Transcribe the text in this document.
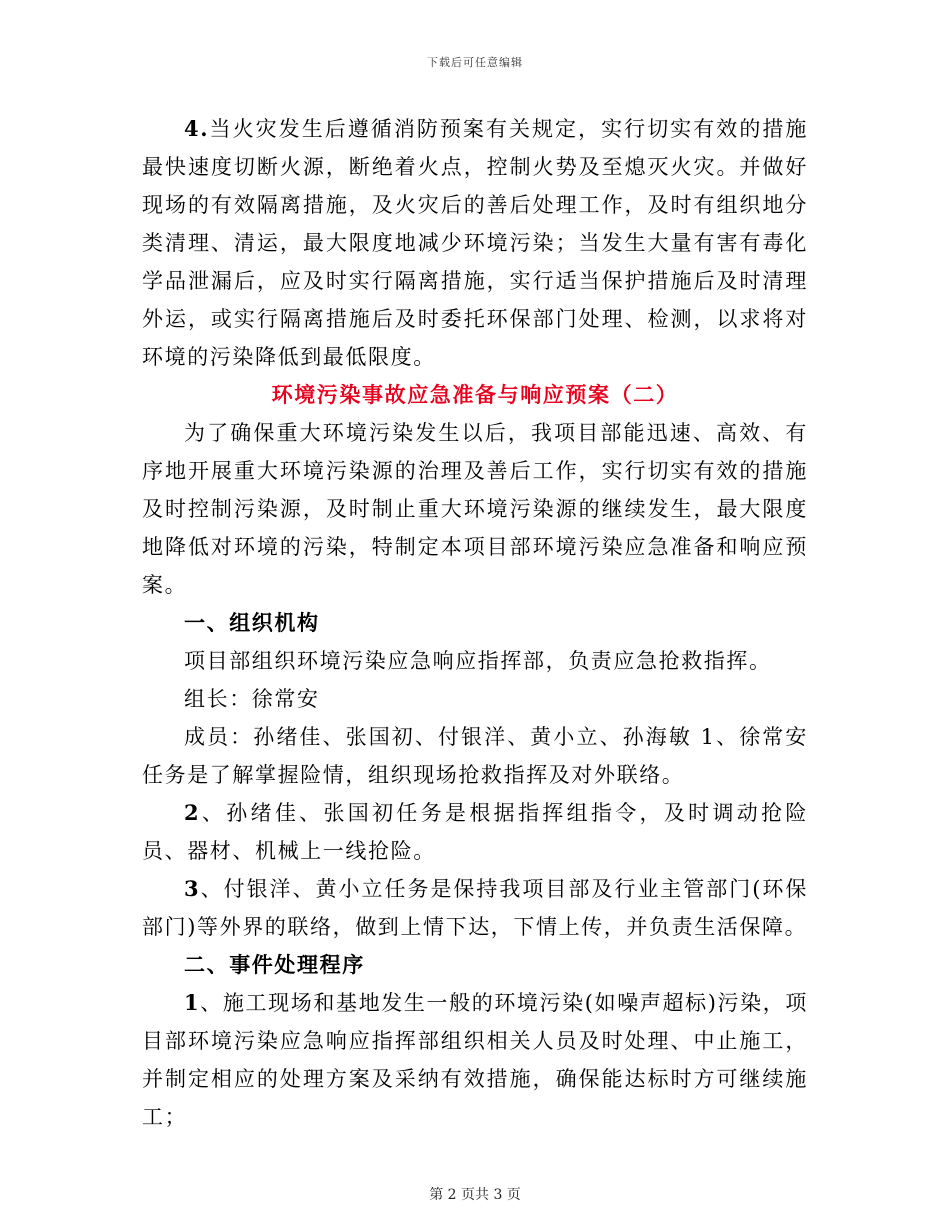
下载后可任意编辑

4.当火灾发生后遵循消防预案有关规定，实行切实有效的措施最快速度切断火源，断绝着火点，控制火势及至熄灭火灾。并做好现场的有效隔离措施，及火灾后的善后处理工作，及时有组织地分类清理、清运，最大限度地减少环境污染；当发生大量有害有毒化学品泄漏后，应及时实行隔离措施，实行适当保护措施后及时清理外运，或实行隔离措施后及时委托环保部门处理、检测，以求将对环境的污染降低到最低限度。

环境污染事故应急准备与响应预案（二）

为了确保重大环境污染发生以后，我项目部能迅速、高效、有序地开展重大环境污染源的治理及善后工作，实行切实有效的措施及时控制污染源，及时制止重大环境污染源的继续发生，最大限度地降低对环境的污染，特制定本项目部环境污染应急准备和响应预案。

一、组织机构

项目部组织环境污染应急响应指挥部，负责应急抢救指挥。

组长：徐常安

成员：孙绪佳、张国初、付银洋、黄小立、孙海敏 1、徐常安任务是了解掌握险情，组织现场抢救指挥及对外联络。

2、孙绪佳、张国初任务是根据指挥组指令，及时调动抢险员、器材、机械上一线抢险。

3、付银洋、黄小立任务是保持我项目部及行业主管部门(环保部门)等外界的联络，做到上情下达，下情上传，并负责生活保障。

二、事件处理程序

1、施工现场和基地发生一般的环境污染(如噪声超标)污染，项目部环境污染应急响应指挥部组织相关人员及时处理、中止施工，并制定相应的处理方案及采纳有效措施，确保能达标时方可继续施工；

第 2 页共 3 页
